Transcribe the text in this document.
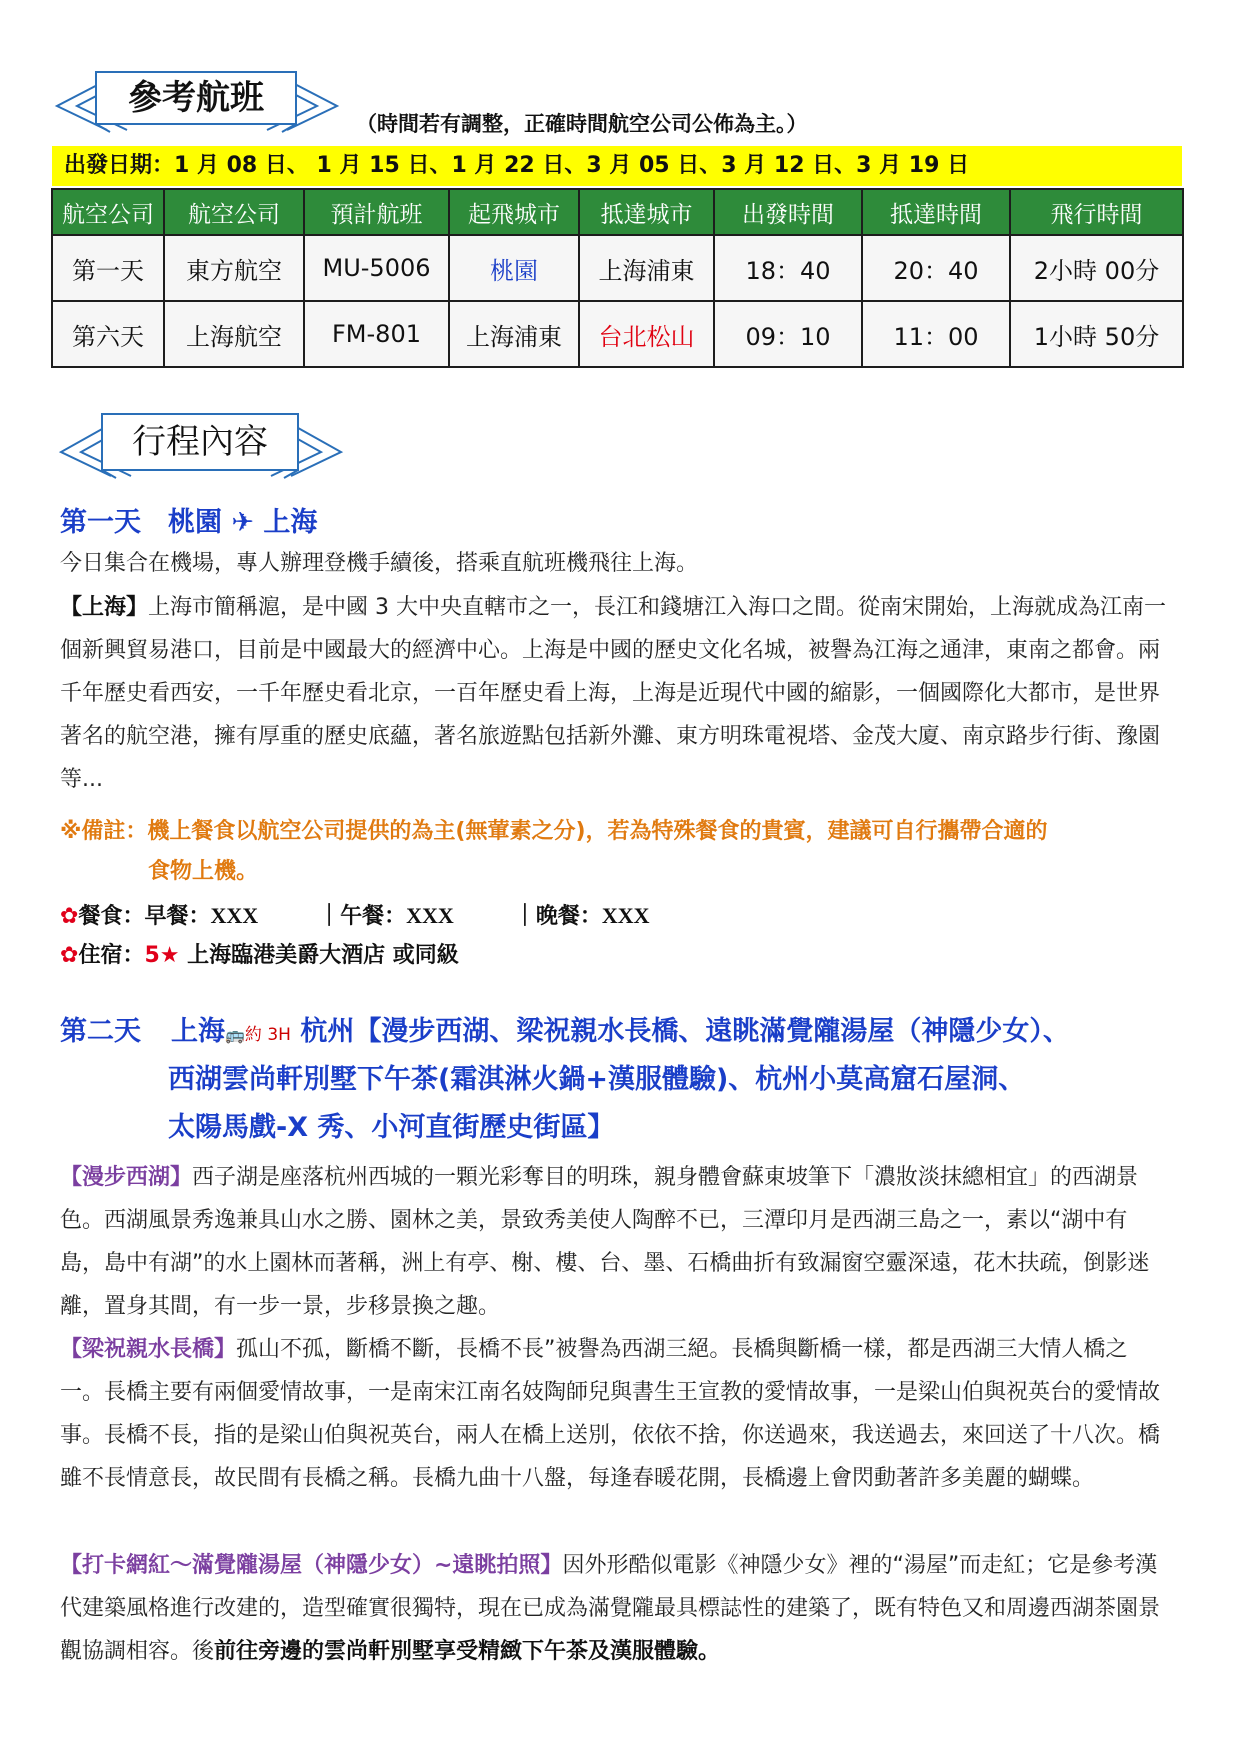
參考航班
（時間若有調整，正確時間航空公司公佈為主。）
出發日期：1 月 08 日、 1 月 15 日、1 月 22 日、3 月 05 日、3 月 12 日、3 月 19 日
航空公司	航空公司	預計航班	起飛城市	抵達城市	出發時間	抵達時間	飛行時間
第一天	東方航空	MU-5006	桃園	上海浦東	18：40	20：40	2小時 00分
第六天	上海航空	FM-801	上海浦東	台北松山	09：10	11：00	1小時 50分
行程內容
第一天　桃園 ✈ 上海
今日集合在機場，專人辦理登機手續後，搭乘直航班機飛往上海。
【上海】上海市簡稱滬，是中國 3 大中央直轄市之一，長江和錢塘江入海口之間。從南宋開始，上海就成為江南一個新興貿易港口，目前是中國最大的經濟中心。上海是中國的歷史文化名城，被譽為江海之通津，東南之都會。兩千年歷史看西安，一千年歷史看北京，一百年歷史看上海，上海是近現代中國的縮影，一個國際化大都市，是世界著名的航空港，擁有厚重的歷史底蘊，著名旅遊點包括新外灘、東方明珠電視塔、金茂大廈、南京路步行街、豫園等...
※備註：機上餐食以航空公司提供的為主(無葷素之分)，若為特殊餐食的貴賓，建議可自行攜帶合適的
食物上機。
✿餐食：早餐：XXX	｜午餐：XXX	｜晚餐：XXX
✿住宿：5★ 上海臨港美爵大酒店 或同級
第二天 上海🚌約 3H 杭州【漫步西湖、梁祝親水長橋、遠眺滿覺隴湯屋（神隱少女）、
西湖雲尚軒別墅下午茶(霜淇淋火鍋+漢服體驗)、杭州小莫高窟石屋洞、
太陽馬戲-X 秀、小河直街歷史街區】
【漫步西湖】西子湖是座落杭州西城的一顆光彩奪目的明珠，親身體會蘇東坡筆下「濃妝淡抹總相宜」的西湖景色。西湖風景秀逸兼具山水之勝、園林之美，景致秀美使人陶醉不已，三潭印月是西湖三島之一，素以“湖中有島，島中有湖”的水上園林而著稱，洲上有亭、榭、樓、台、墨、石橋曲折有致漏窗空靈深遠，花木扶疏，倒影迷離，置身其間，有一步一景，步移景換之趣。
【梁祝親水長橋】孤山不孤，斷橋不斷，長橋不長”被譽為西湖三絕。長橋與斷橋一樣，都是西湖三大情人橋之一。長橋主要有兩個愛情故事，一是南宋江南名妓陶師兒與書生王宣教的愛情故事，一是梁山伯與祝英台的愛情故事。長橋不長，指的是梁山伯與祝英台，兩人在橋上送別，依依不捨，你送過來，我送過去，來回送了十八次。橋雖不長情意長，故民間有長橋之稱。長橋九曲十八盤，每逢春暖花開，長橋邊上會閃動著許多美麗的蝴蝶。
【打卡網紅～滿覺隴湯屋（神隱少女）~遠眺拍照】因外形酷似電影《神隱少女》裡的“湯屋”而走紅；它是參考漢代建築風格進行改建的，造型確實很獨特，現在已成為滿覺隴最具標誌性的建築了，既有特色又和周邊西湖茶園景觀協調相容。後前往旁邊的雲尚軒別墅享受精緻下午茶及漢服體驗。
